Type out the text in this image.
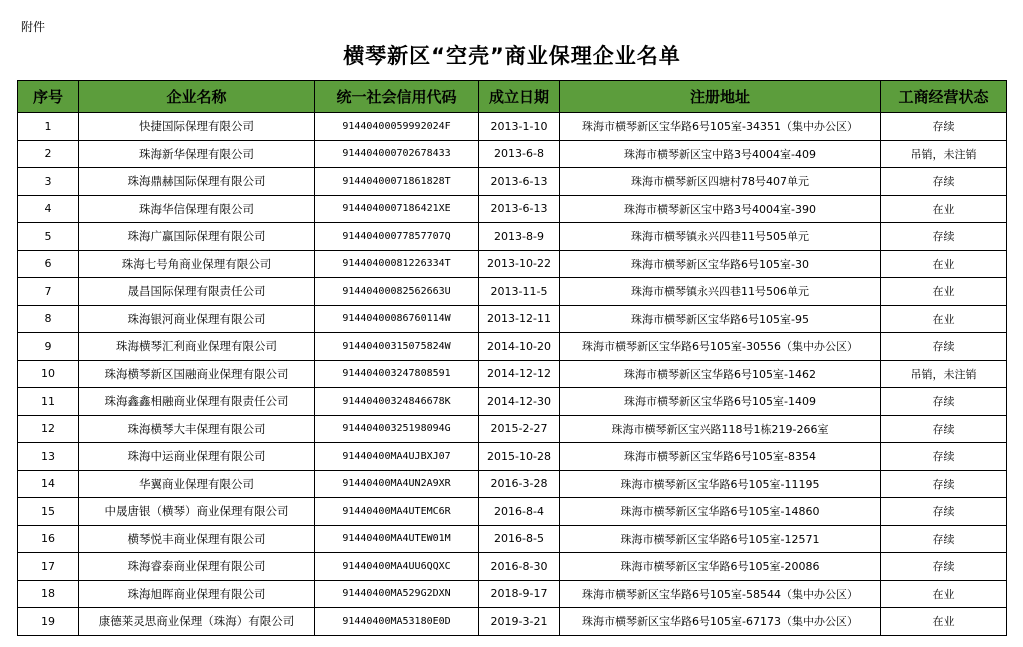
附件
横琴新区“空壳”商业保理企业名单
序号	企业名称	统一社会信用代码	成立日期	注册地址	工商经营状态
1	快捷国际保理有限公司	91440400059992024F	2013-1-10	珠海市横琴新区宝华路6号105室-34351（集中办公区）	存续
2	珠海新华保理有限公司	914404000702678433	2013-6-8	珠海市横琴新区宝中路3号4004室-409	吊销，未注销
3	珠海鼎赫国际保理有限公司	91440400071861828T	2013-6-13	珠海市横琴新区四塘村78号407单元	存续
4	珠海华信保理有限公司	9144040007186421XE	2013-6-13	珠海市横琴新区宝中路3号4004室-390	在业
5	珠海广赢国际保理有限公司	91440400077857707Q	2013-8-9	珠海市横琴镇永兴四巷11号505单元	存续
6	珠海七号角商业保理有限公司	91440400081226334T	2013-10-22	珠海市横琴新区宝华路6号105室-30	在业
7	晟昌国际保理有限责任公司	91440400082562663U	2013-11-5	珠海市横琴镇永兴四巷11号506单元	在业
8	珠海银河商业保理有限公司	91440400086760114W	2013-12-11	珠海市横琴新区宝华路6号105室-95	在业
9	珠海横琴汇利商业保理有限公司	91440400315075824W	2014-10-20	珠海市横琴新区宝华路6号105室-30556（集中办公区）	存续
10	珠海横琴新区国融商业保理有限公司	914404003247808591	2014-12-12	珠海市横琴新区宝华路6号105室-1462	吊销，未注销
11	珠海鑫鑫相融商业保理有限责任公司	91440400324846678K	2014-12-30	珠海市横琴新区宝华路6号105室-1409	存续
12	珠海横琴大丰保理有限公司	91440400325198094G	2015-2-27	珠海市横琴新区宝兴路118号1栋219-266室	存续
13	珠海中运商业保理有限公司	91440400MA4UJBXJ07	2015-10-28	珠海市横琴新区宝华路6号105室-8354	存续
14	华翼商业保理有限公司	91440400MA4UN2A9XR	2016-3-28	珠海市横琴新区宝华路6号105室-11195	存续
15	中晟唐银（横琴）商业保理有限公司	91440400MA4UTEMC6R	2016-8-4	珠海市横琴新区宝华路6号105室-14860	存续
16	横琴悦丰商业保理有限公司	91440400MA4UTEW01M	2016-8-5	珠海市横琴新区宝华路6号105室-12571	存续
17	珠海睿泰商业保理有限公司	91440400MA4UU6QQXC	2016-8-30	珠海市横琴新区宝华路6号105室-20086	存续
18	珠海旭晖商业保理有限公司	91440400MA529G2DXN	2018-9-17	珠海市横琴新区宝华路6号105室-58544（集中办公区）	在业
19	康德莱灵思商业保理（珠海）有限公司	91440400MA53180E0D	2019-3-21	珠海市横琴新区宝华路6号105室-67173（集中办公区）	在业
